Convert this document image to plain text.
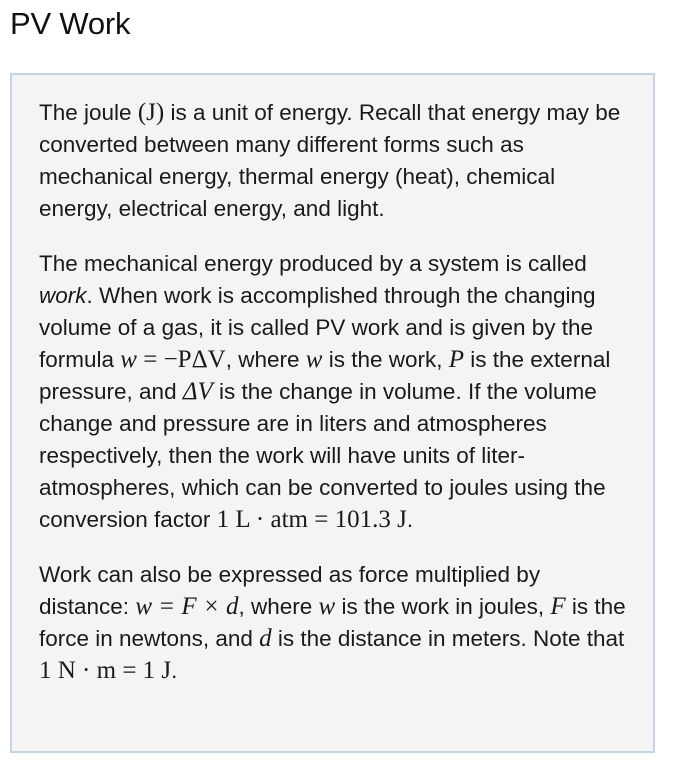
PV Work

The joule (J) is a unit of energy. Recall that energy may be converted between many different forms such as mechanical energy, thermal energy (heat), chemical energy, electrical energy, and light.

The mechanical energy produced by a system is called work. When work is accomplished through the changing volume of a gas, it is called PV work and is given by the formula w = −PΔV, where w is the work, P is the external pressure, and ΔV is the change in volume. If the volume change and pressure are in liters and atmospheres respectively, then the work will have units of liter-atmospheres, which can be converted to joules using the conversion factor 1 L · atm = 101.3 J.

Work can also be expressed as force multiplied by distance: w = F × d, where w is the work in joules, F is the force in newtons, and d is the distance in meters. Note that 1 N · m = 1 J.
